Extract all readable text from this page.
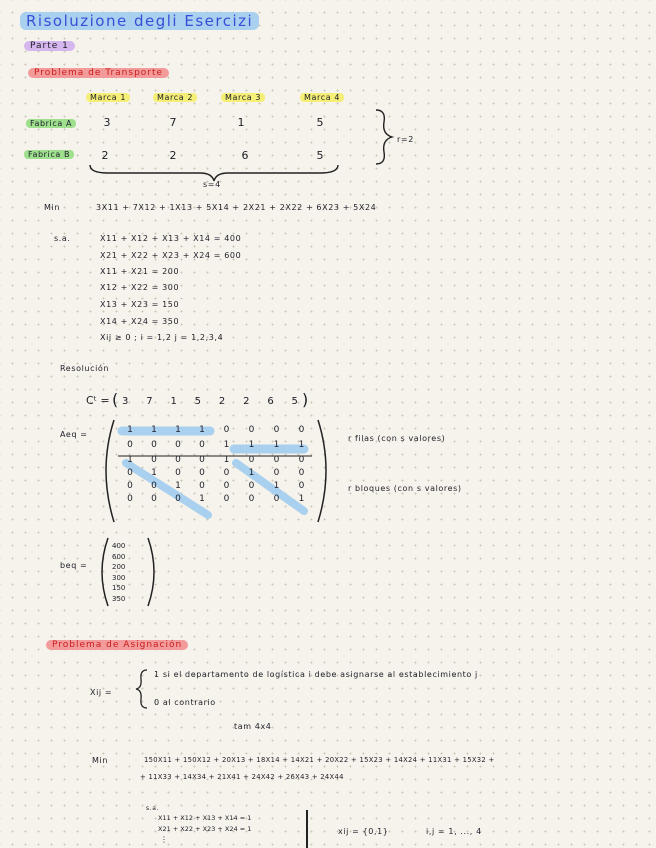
Risoluzione degli Esercizi
Parte 1
Problema de Transporte
Marca 1	Marca 2	Marca 3	Marca 4
Fabrica A	3	7	1	5
Fabrica B	2	2	6	5
r=2
s=4
Min	3X11 + 7X12 + 1X13 + 5X14 + 2X21 + 2X22 + 6X23 + 5X24
s.a.	X11 + X12 + X13 + X14 = 400
X21 + X22 + X23 + X24 = 600
X11 + X21 = 200
X12 + X22 = 300
X13 + X23 = 150
X14 + X24 = 350
Xij ≥ 0 ; i = 1,2 j = 1,2,3,4
Resolución
Cᵗ = ( 3 7 1 5 2 2 6 5 )
Aeq =	1	1	1	1	0	0	0	0
0	0	0	0	1	1	1	1
1	0	0	0	1	0	0	0
0	1	0	0	0	1	0	0
0	0	1	0	0	0	1	0
0	0	0	1	0	0	0	1
r filas (con s valores)
r bloques (con s valores)
beq =
400
600
200
300
150
350
Problema de Asignación
Xij =
1 si el departamento de logística i debe asignarse al establecimiento j
0 al contrario
tam 4x4
Min	150X11 + 150X12 + 20X13 + 18X14 + 14X21 + 20X22 + 15X23 + 14X24 + 11X31 + 15X32 +
+ 11X33 + 14X34 + 21X41 + 24X42 + 26X43 + 24X44
s.a.
X11 + X12 + X13 + X14 = 1
X21 + X22 + X23 + X24 = 1
⋮
xij = {0,1}	i,j = 1, ..., 4
